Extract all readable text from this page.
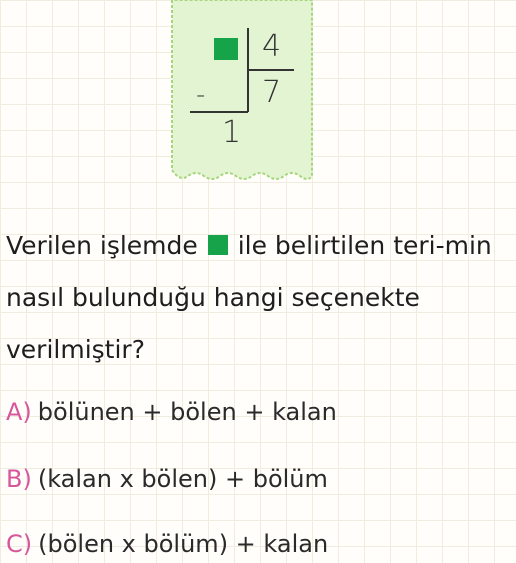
4
7
-
1
Verilen işlemde ile belirtilen teri-min nasıl bulunduğu hangi seçenekte verilmiştir?
A) bölünen + bölen + kalan
B) (kalan x bölen) + bölüm
C) (bölen x bölüm) + kalan
